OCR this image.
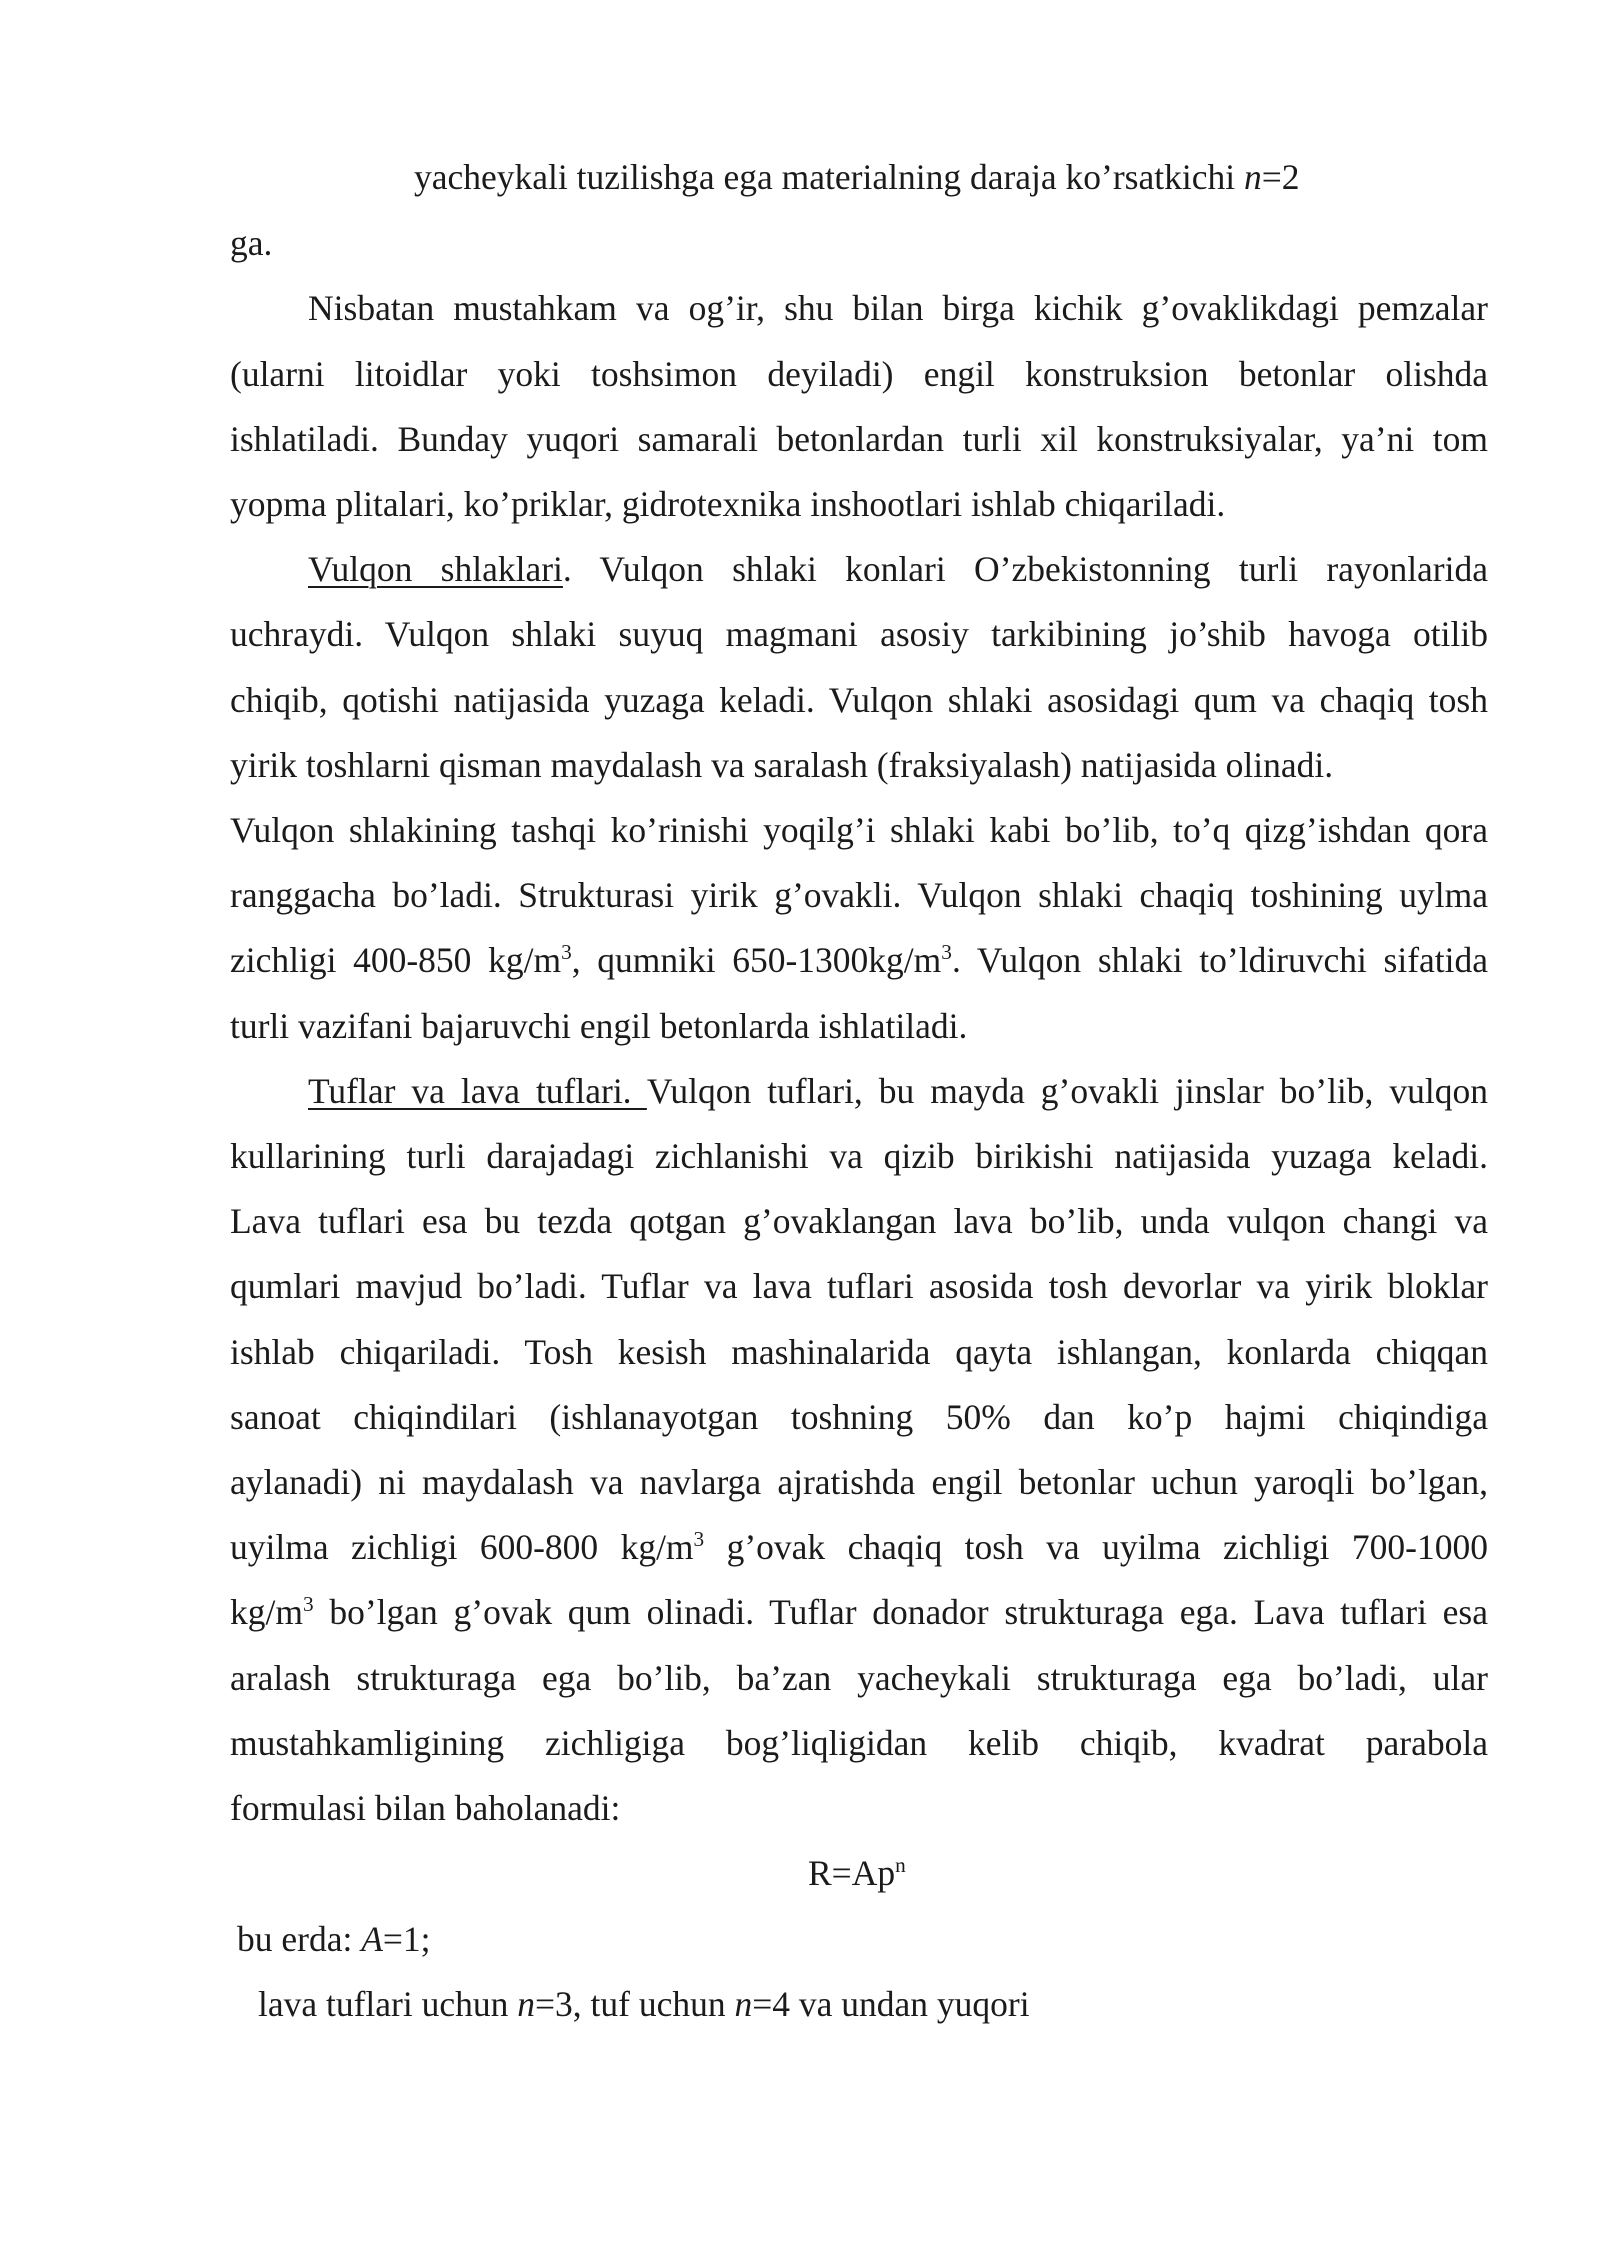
yacheykali tuzilishga ega materialning daraja ko’rsatkichi n=2
ga.
Nisbatan mustahkam va og’ir, shu bilan birga kichik g’ovaklikdagi pemzalar
(ularni litoidlar yoki toshsimon deyiladi) engil konstruksion betonlar olishda
ishlatiladi. Bunday yuqori samarali betonlardan turli xil konstruksiyalar, ya’ni tom
yopma plitalari, ko’priklar, gidrotexnika inshootlari ishlab chiqariladi.
Vulqon shlaklari. Vulqon shlaki konlari O’zbekistonning turli rayonlarida
uchraydi. Vulqon shlaki suyuq magmani asosiy tarkibining jo’shib havoga otilib
chiqib, qotishi natijasida yuzaga keladi. Vulqon shlaki asosidagi qum va chaqiq tosh
yirik toshlarni qisman maydalash va saralash (fraksiyalash) natijasida olinadi.
Vulqon shlakining tashqi ko’rinishi yoqilg’i shlaki kabi bo’lib, to’q qizg’ishdan qora
ranggacha bo’ladi. Strukturasi yirik g’ovakli. Vulqon shlaki chaqiq toshining uylma
zichligi 400-850 $kg/m^3$, qumniki $650-1300kg/m^3$. Vulqon shlaki to’ldiruvchi sifatida
turli vazifani bajaruvchi engil betonlarda ishlatiladi.
Tuflar va lava tuflari. Vulqon tuflari, bu mayda g’ovakli jinslar bo’lib, vulqon
kullarining turli darajadagi zichlanishi va qizib birikishi natijasida yuzaga keladi.
Lava tuflari esa bu tezda qotgan g’ovaklangan lava bo’lib, unda vulqon changi va
qumlari mavjud bo’ladi. Tuflar va lava tuflari asosida tosh devorlar va yirik bloklar
ishlab chiqariladi. Tosh kesish mashinalarida qayta ishlangan, konlarda chiqqan
sanoat chiqindilari (ishlanayotgan toshning 50% dan ko’p hajmi chiqindiga
aylanadi) ni maydalash va navlarga ajratishda engil betonlar uchun yaroqli bo’lgan,
uyilma zichligi 600-800 $kg/m^3$ g’ovak chaqiq tosh va uyilma zichligi 700-1000
$kg/m^3$ bo’lgan g’ovak qum olinadi. Tuflar donador strukturaga ega. Lava tuflari esa
aralash strukturaga ega bo’lib, ba’zan yacheykali strukturaga ega bo’ladi, ular
mustahkamligining zichligiga bog’liqligidan kelib chiqib, kvadrat parabola
formulasi bilan baholanadi:
$R=Ap^n$
bu erda: A=1;
lava tuflari uchun n=3, tuf uchun n=4 va undan yuqori
